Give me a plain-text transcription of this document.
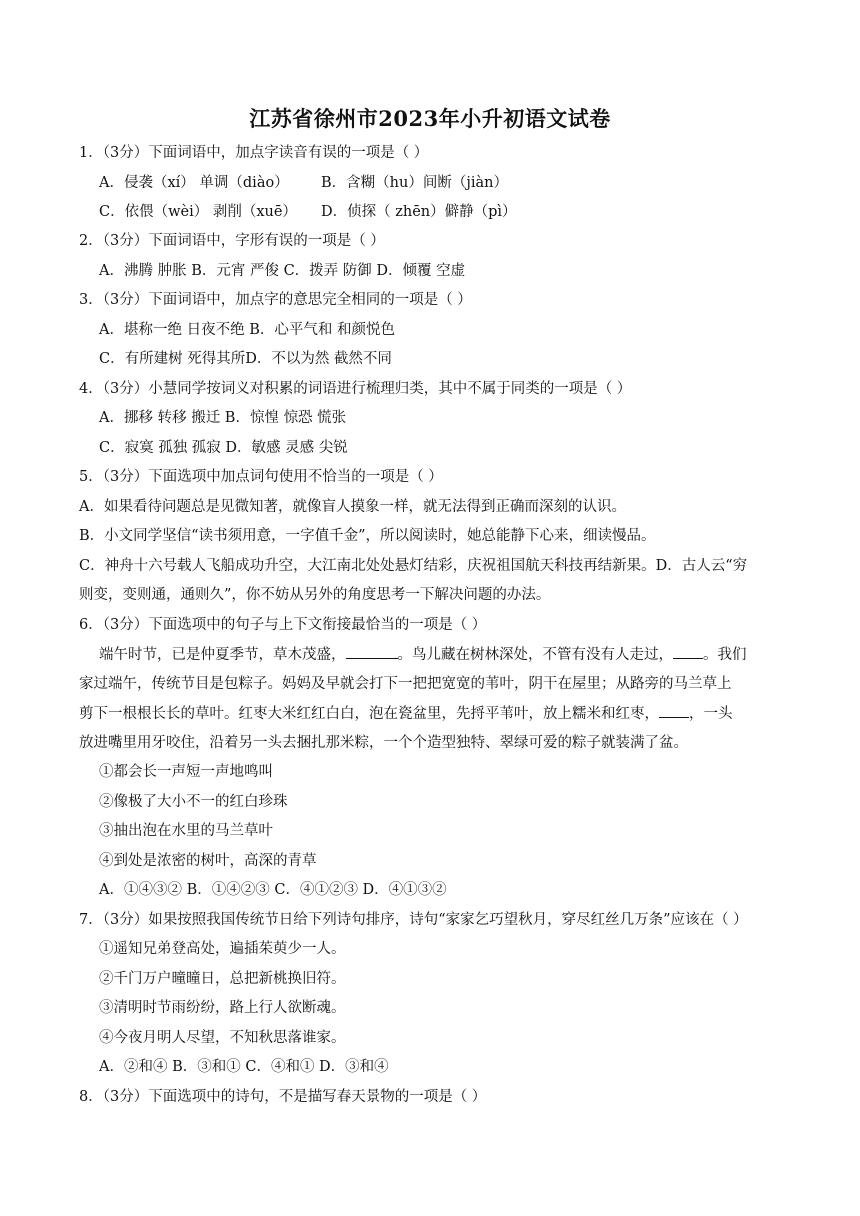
江苏省徐州市2023年小升初语文试卷
1．（3分）下面词语中，加点字读音有误的一项是（ ）
A．侵袭（xí） 单调（diào） B．含糊（hu）间断（jiàn）
C．依偎（wèi） 剥削（xuē） D．侦探（ zhēn）僻静（pì）
2．（3分）下面词语中，字形有误的一项是（ ）
A．沸腾 肿胀 B．元宵 严俊 C．拨弄 防御 D．倾覆 空虚
3．（3分）下面词语中，加点字的意思完全相同的一项是（ ）
A．堪称一绝 日夜不绝 B．心平气和 和颜悦色
C．有所建树 死得其所D．不以为然 截然不同
4．（3分）小慧同学按词义对积累的词语进行梳理归类，其中不属于同类的一项是（ ）
A．挪移 转移 搬迁 B．惊惶 惊恐 慌张
C．寂寞 孤独 孤寂 D．敏感 灵感 尖锐
5．（3分）下面选项中加点词句使用不恰当的一项是（ ）
A．如果看待问题总是见微知著，就像盲人摸象一样，就无法得到正确而深刻的认识。
B．小文同学坚信“读书须用意，一字值千金”，所以阅读时，她总能静下心来，细读慢品。
C．神舟十六号载人飞船成功升空，大江南北处处悬灯结彩，庆祝祖国航天科技再结新果。D．古人云“穷
则变，变则通，通则久”，你不妨从另外的角度思考一下解决问题的办法。
6．（3分）下面选项中的句子与上下文衔接最恰当的一项是（ ）
端午时节，已是仲夏季节，草木茂盛，	。鸟儿藏在树林深处，不管有没有人走过， 。我们
家过端午，传统节目是包粽子。妈妈及早就会打下一把把宽宽的苇叶，阴干在屋里；从路旁的马兰草上
剪下一根根长长的草叶。红枣大米红红白白，泡在瓷盆里，先捋平苇叶，放上糯米和红枣， ，一头
放进嘴里用牙咬住，沿着另一头去捆扎那米粽，一个个造型独特、翠绿可爱的粽子就装满了盆。
①都会长一声短一声地鸣叫
②像极了大小不一的红白珍珠
③抽出泡在水里的马兰草叶
④到处是浓密的树叶，高深的青草
A．①④③② B．①④②③ C．④①②③ D．④①③②
7．（3分）如果按照我国传统节日给下列诗句排序，诗句“家家乞巧望秋月，穿尽红丝几万条”应该在（ ）
①遥知兄弟登高处，遍插茱萸少一人。
②千门万户曈曈日，总把新桃换旧符。
③清明时节雨纷纷，路上行人欲断魂。
④今夜月明人尽望，不知秋思落谁家。
A．②和④ B．③和① C．④和① D．③和④
8．（3分）下面选项中的诗句，不是描写春天景物的一项是（ ）
